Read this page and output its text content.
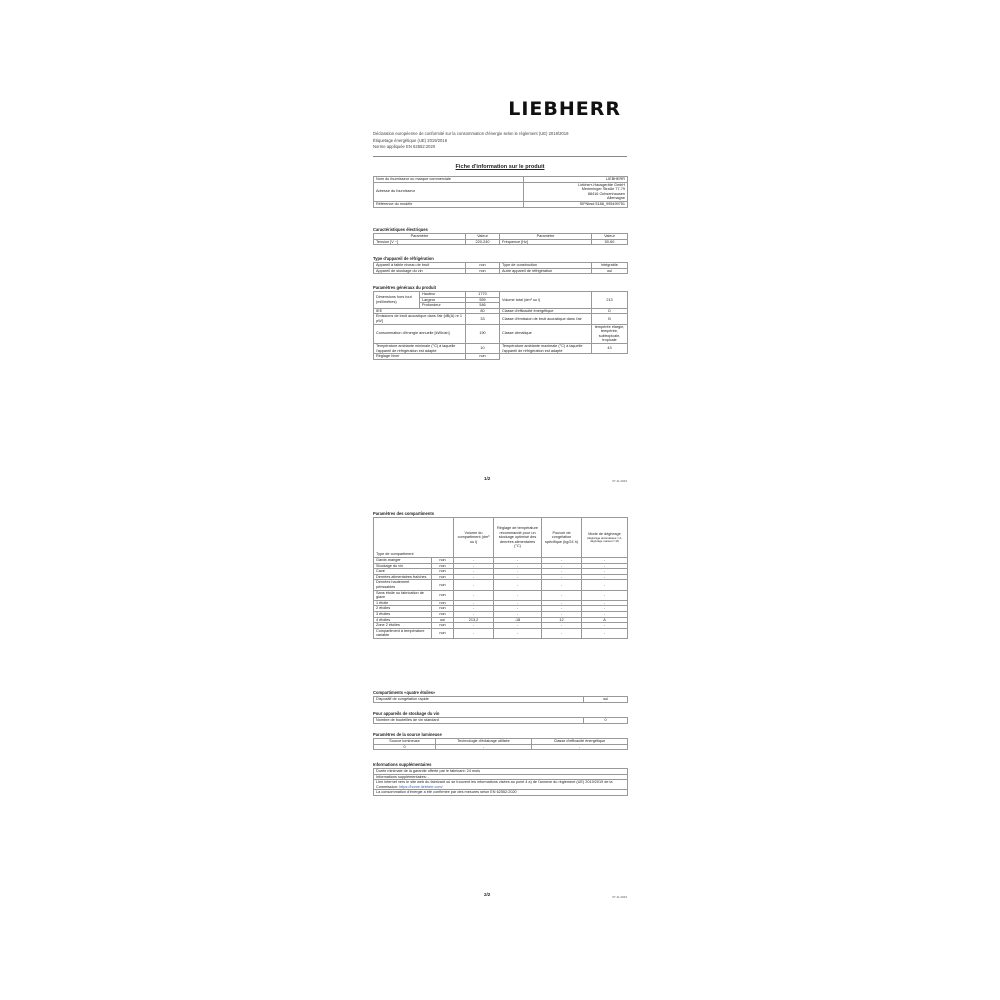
LIEBHERR
Déclaration européenne de conformité sur la consommation d'énergie selon le règlement (UE) 2019/2019
Étiquetage énergétique (UE) 2019/2016
Norme appliquée EN 62552:2020
Fiche d'information sur le produit
Nom du fournisseur ou marque commerciale	LIEBHERR
Adresse du fournisseur	Liebherr-Hausgeräte GmbH
Memminger Straße 77-79
88416 Ochsenhausen
Allemagne

Référence du modèle	SIFNbsd 5188_995499751
Caractéristiques électriques
Paramètre	Valeur	Paramètre	Valeur
Tension [V ~]	220-240	Fréquence [Hz]	50-60
Type d'appareil de réfrigération
Appareil à faible niveau de bruit	non	Type de construction	intégrable
Appareil de stockage du vin	non	Autre appareil de réfrigération	oui
Paramètres généraux du produit
Dimensions hors tout (millimètres)	Hauteur	1770	Volume total (dm³ ou l)	213
	Largeur	559		
	Profondeur	546		
IEE		80	Classe d'efficacité énergétique	D
Émissions de bruit acoustique dans l'air [dB(A) re 1 pW]		33	Classe d'émission de bruit acoustique dans l'air	B
Consommation d'énergie annuelle [kWh/an]		190	Classe climatique	tempérée élargie, tempérée, subtropicale, tropicale
Température ambiante minimale (°C) à laquelle l'appareil de réfrigération est adapté		10	Température ambiante maximale (°C) à laquelle l'appareil de réfrigération est adapté	43
Réglage hiver		non		
1/2	07.11.2023
Paramètres des compartiments
Type de compartiment		Volume du compartiment (dm³ ou l)	Réglage de température recommandé pour un stockage optimisé des denrées alimentaires (°C)	Pouvoir de congélation spécifique (kg/24 h)	Mode de dégivrage
(dégivrage automatique = A, dégivrage manuel = M)

Garde-manger	non	-	-	-	-
Stockage du vin	non	-	-	-	-
Cave	non	-	-	-	-
Denrées alimentaires fraîches	non	-	-	-	-
Denrées hautement périssables	non	-	-	-	-
Sans étoile ou fabrication de glace	non	-	-	-	-
1 étoile	non	-	-	-	-
2 étoiles	non	-	-	-	-
3 étoiles	non	-	-	-	-
4 étoiles	oui	213,2	-18	12	A
Zone 2 étoiles	non	-	-	-	-
Compartiment à température variable	non	-	-	-	-
Compartiments «quatre étoiles»
Dispositif de congélation rapide	oui
Pour appareils de stockage du vin
Nombre de bouteilles de vin standard	0
Paramètres de la source lumineuse
Source lumineuse	Technologie d'éclairage utilisée	Classe d'efficacité énergétique
0	-	-
Informations supplémentaires
Durée minimale de la garantie offerte par le fabricant: 24 mois
Informations supplémentaires: -
Lien internet vers le site web du fabricant où se trouvent les informations visées au point 4 a) de l'annexe du règlement (UE) 2019/2019 de la Commission: https://home.liebherr.com/
La consommation d'énergie a été confirmée par des mesures selon EN 62552:2020
2/2	07.11.2023
